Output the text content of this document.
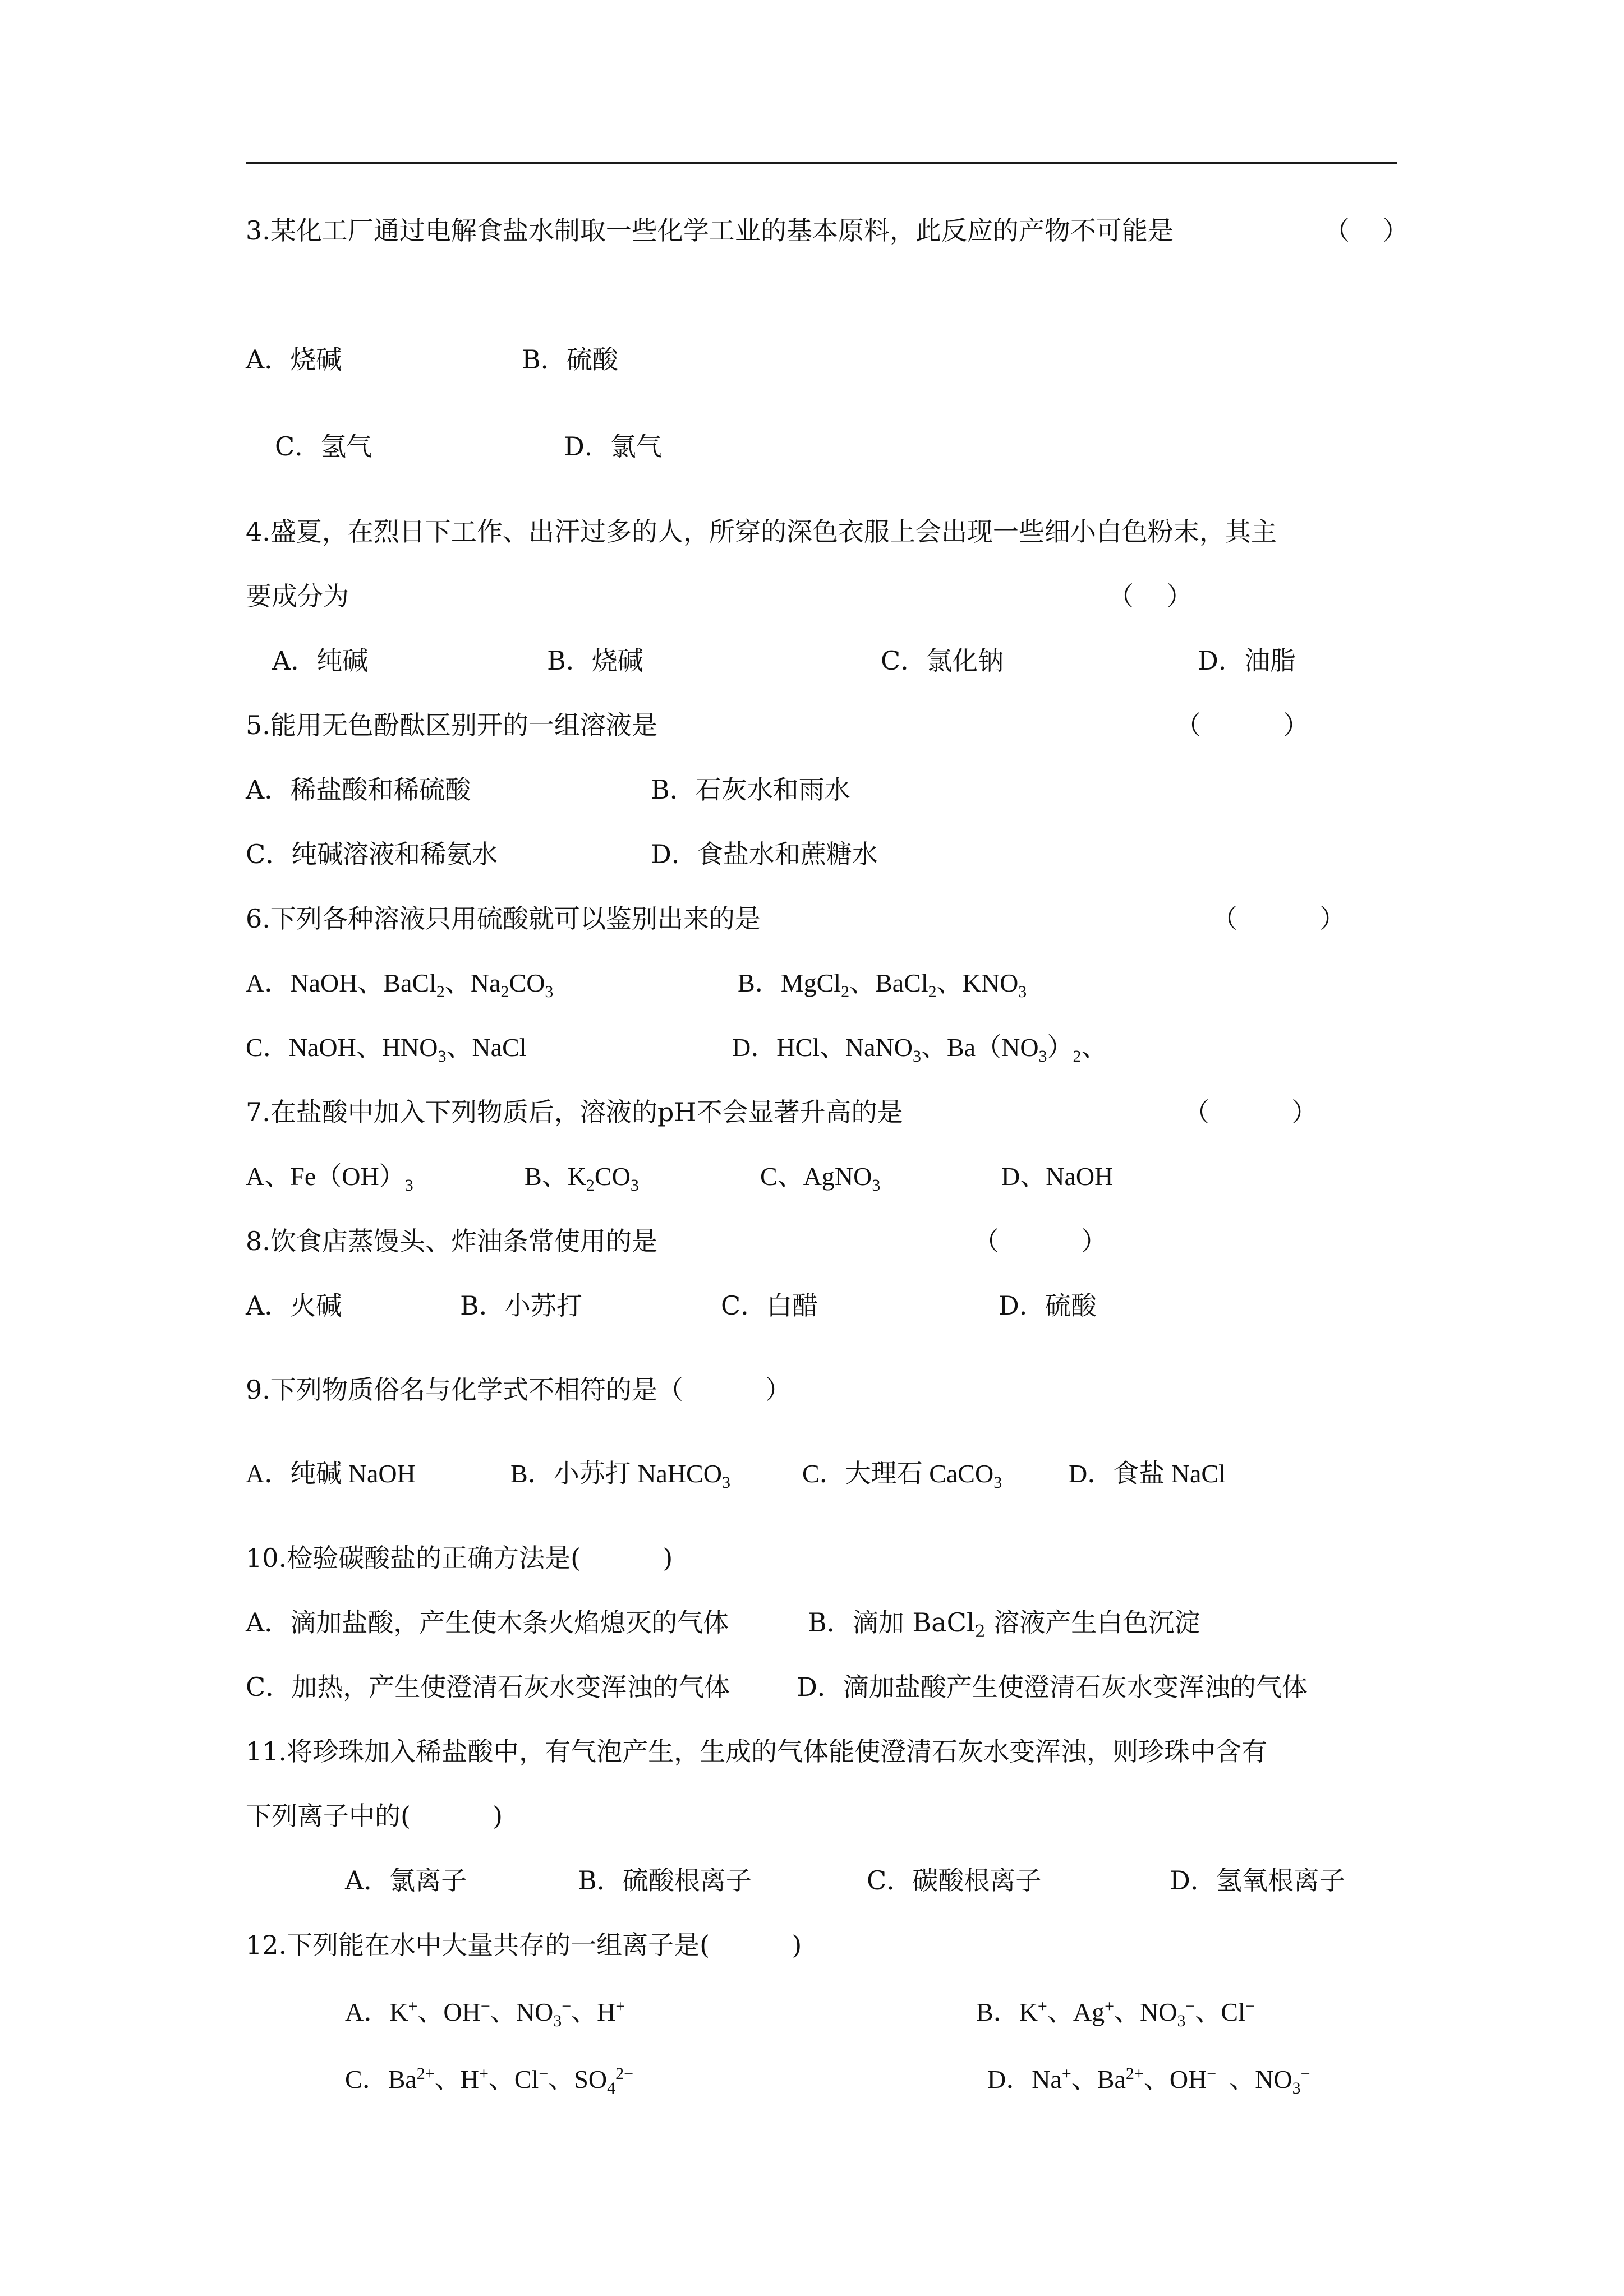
3.某化工厂通过电解食盐水制取一些化学工业的基本原料，此反应的产物不可能是	（    ）
A．烧碱	B．硫酸
C．氢气	D．氯气
4.盛夏，在烈日下工作、出汗过多的人，所穿的深色衣服上会出现一些细小白色粉末，其主
要成分为	（    ）
A．纯碱	B．烧碱	C．氯化钠	D．油脂
5.能用无色酚酞区别开的一组溶液是	（          ）
A．稀盐酸和稀硫酸	B．石灰水和雨水
C．纯碱溶液和稀氨水	D．食盐水和蔗糖水
6.下列各种溶液只用硫酸就可以鉴别出来的是	（          ）
A．NaOH、BaCl$_2$、$Na_2CO_3$	B．MgCl$_2$、BaCl$_2$、$KNO_3$
C．NaOH、$HNO_3$、NaCl	D．HCl、NaNO$_3$、$Ba(NO_3)_2$、
7.在盐酸中加入下列物质后，溶液的pH不会显著升高的是	（          ）
A、$Fe(OH)_3$	B、$K_2CO_3$	C、AgNO$_3$	D、NaOH
8.饮食店蒸馒头、炸油条常使用的是	（          ）
A．火碱	B．小苏打	C．白醋	D．硫酸
9.下列物质俗名与化学式不相符的是（          ）
A．纯碱 NaOH	B．小苏打 NaHCO$_3$	C．大理石 CaCO$_3$	D．食盐 NaCl
10.检验碳酸盐的正确方法是(          )
A．滴加盐酸，产生使木条火焰熄灭的气体	B．滴加 BaCl$_2$ 溶液产生白色沉淀
C．加热，产生使澄清石灰水变浑浊的气体	D．滴加盐酸产生使澄清石灰水变浑浊的气体
11.将珍珠加入稀盐酸中，有气泡产生，生成的气体能使澄清石灰水变浑浊，则珍珠中含有
下列离子中的(          )
A．氯离子	B．硫酸根离子	C．碳酸根离子	D．氢氧根离子
12.下列能在水中大量共存的一组离子是(          )
A．K+、OH−、$NO_3^-$、H+	B．K+、Ag+、$NO_3^-$、Cl−
C．$Ba^{2+}$、H+、Cl−、$SO_4^{2-}$	D．Na+、$Ba^{2+}$、OH−  、$NO_3^-$
